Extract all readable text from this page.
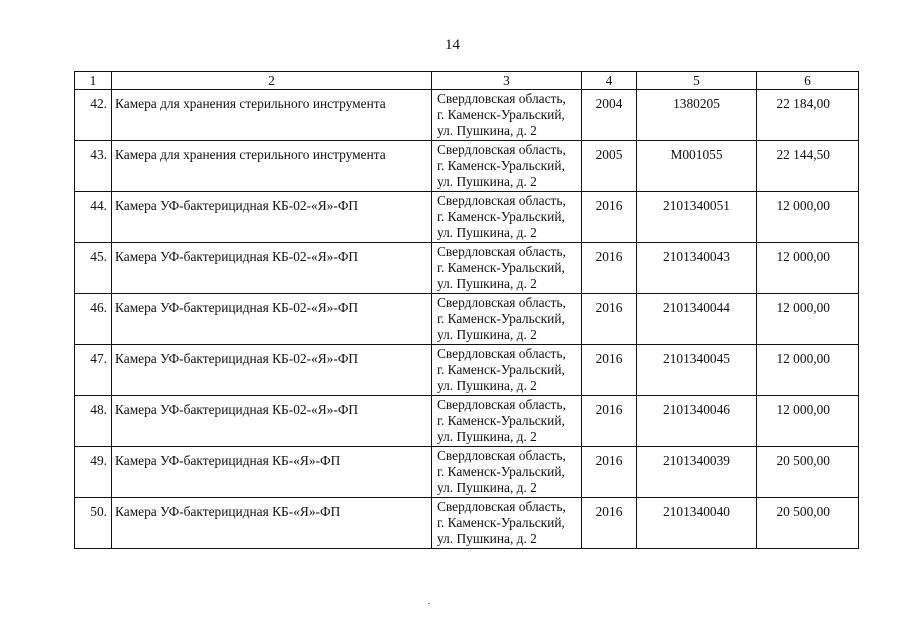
14
1	2	3	4	5	6
42.	Камера для хранения стерильного инструмента	Свердловская область,
г. Каменск-Уральский,
ул. Пушкина, д. 2	2004	1380205	22 184,00
43.	Камера для хранения стерильного инструмента	Свердловская область,
г. Каменск-Уральский,
ул. Пушкина, д. 2	2005	M001055	22 144,50
44.	Камера УФ-бактерицидная КБ-02-«Я»-ФП	Свердловская область,
г. Каменск-Уральский,
ул. Пушкина, д. 2	2016	2101340051	12 000,00
45.	Камера УФ-бактерицидная КБ-02-«Я»-ФП	Свердловская область,
г. Каменск-Уральский,
ул. Пушкина, д. 2	2016	2101340043	12 000,00
46.	Камера УФ-бактерицидная КБ-02-«Я»-ФП	Свердловская область,
г. Каменск-Уральский,
ул. Пушкина, д. 2	2016	2101340044	12 000,00
47.	Камера УФ-бактерицидная КБ-02-«Я»-ФП	Свердловская область,
г. Каменск-Уральский,
ул. Пушкина, д. 2	2016	2101340045	12 000,00
48.	Камера УФ-бактерицидная КБ-02-«Я»-ФП	Свердловская область,
г. Каменск-Уральский,
ул. Пушкина, д. 2	2016	2101340046	12 000,00
49.	Камера УФ-бактерицидная КБ-«Я»-ФП	Свердловская область,
г. Каменск-Уральский,
ул. Пушкина, д. 2	2016	2101340039	20 500,00
50.	Камера УФ-бактерицидная КБ-«Я»-ФП	Свердловская область,
г. Каменск-Уральский,
ул. Пушкина, д. 2	2016	2101340040	20 500,00
